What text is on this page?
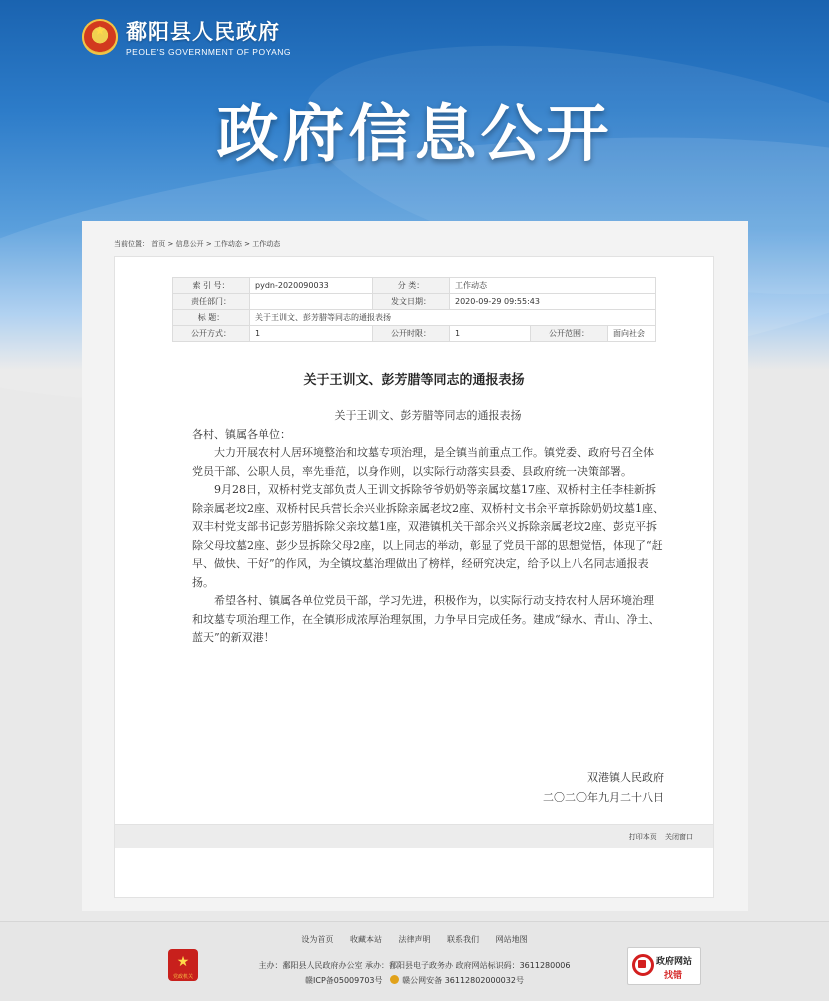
★
鄱阳县人民政府
PEOLE'S GOVERNMENT OF POYANG
政府信息公开
当前位置： 首页 > 信息公开 > 工作动态 > 工作动态
索 引 号：	pydn-2020090033	分 类：	工作动态		
责任部门：		发文日期：	2020-09-29 09:55:43		
标 题：	关于王训文、彭芳腊等同志的通报表扬				
公开方式：	1	公开时限：	1	公开范围：	面向社会
关于王训文、彭芳腊等同志的通报表扬

关于王训文、彭芳腊等同志的通报表扬

各村、镇属各单位：

大力开展农村人居环境整治和坟墓专项治理，是全镇当前重点工作。镇党委、政府号召全体党员干部、公职人员，率先垂范，以身作则，以实际行动落实县委、县政府统一决策部署。

9月28日，双桥村党支部负责人王训文拆除爷爷奶奶等亲属坟墓17座、双桥村主任李桂新拆除亲属老坟2座、双桥村民兵营长余兴业拆除亲属老坟2座、双桥村文书余平章拆除奶奶坟墓1座、双丰村党支部书记彭芳腊拆除父亲坟墓1座，双港镇机关干部余兴义拆除亲属老坟2座、彭克平拆除父母坟墓2座、彭少昱拆除父母2座，以上同志的举动，彰显了党员干部的思想觉悟，体现了“赶早、做快、干好”的作风，为全镇坟墓治理做出了榜样，经研究决定，给予以上八名同志通报表扬。

希望各村、镇属各单位党员干部，学习先进，积极作为，以实际行动支持农村人居环境治理和坟墓专项治理工作，在全镇形成浓厚治理氛围，力争早日完成任务。建成“绿水、青山、净土、蓝天”的新双港！

双港镇人民政府
二〇二〇年九月二十八日
打印本页 关闭窗口
设为首页 收藏本站 法律声明 联系我们 网站地图
★
党政机关
主办：鄱阳县人民政府办公室 承办：鄱阳县电子政务办 政府网站标识码：3611280006
赣ICP备05009703号 赣公网安备 36112802000032号
政府网站
找错
